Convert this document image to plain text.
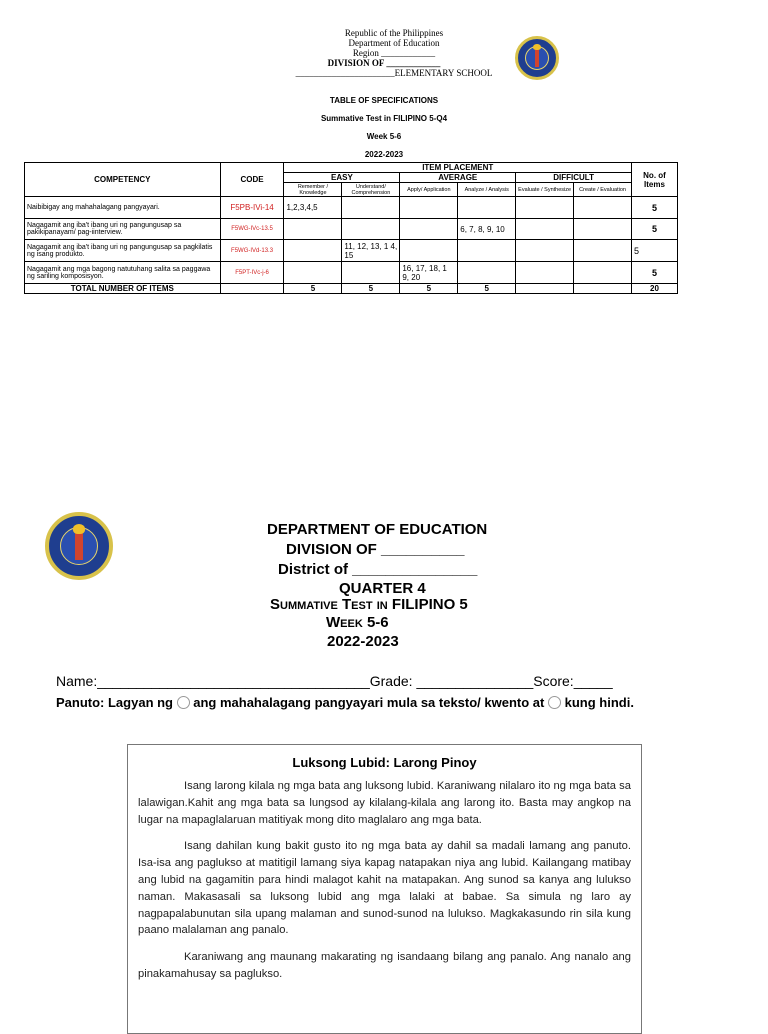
Republic of the Philippines
Department of Education
Region ____________
DIVISION OF ____________
______________________ELEMENTARY SCHOOL
TABLE OF SPECIFICATIONS
Summative Test in FILIPINO 5-Q4
Week 5-6
2022-2023
COMPETENCY	CODE	ITEM PLACEMENT						No. of Items
		EASY		AVERAGE		DIFFICULT		
		Remember / Knowledge	Understand/ Comprehension	Apply/ Application	Analyze / Analysis	Evaluate / Synthesize	Create / Evaluation	
Naibibigay ang mahahalagang pangyayari.	F5PB-IVi-14	1,2,3,4,5						5
Nagagamit ang iba't ibang uri ng pangungusap sa pakikipanayam/ pag-iinterview.	F5WG-IVc-13.5				6, 7, 8, 9, 10			5
Nagagamit ang iba't ibang uri ng pangungusap sa pagkilatis ng isang produkto.	F5WG-IVd-13.3		11, 12, 13, 1 4, 15					5
Nagagamit ang mga bagong natutuhang salita sa paggawa ng sariling komposisyon.	F5PT-IVc-j-6			16, 17, 18, 1 9, 20				5
TOTAL NUMBER OF ITEMS		5	5	5	5			20
DEPARTMENT OF EDUCATION
DIVISION OF __________
District of _______________
QUARTER 4
Summative Test in FILIPINO 5
Week 5-6
2022-2023
Name:___________________________________Grade: _______________Score:_____
Panuto: Lagyan ng ang mahahalagang pangyayari mula sa teksto/ kwento at kung hindi.
Luksong Lubid: Larong Pinoy

Isang larong kilala ng mga bata ang luksong lubid. Karaniwang nilalaro ito ng mga bata sa lalawigan.Kahit ang mga bata sa lungsod ay kilalang-kilala ang larong ito. Basta may angkop na lugar na mapaglalaruan matitiyak mong dito maglalaro ang mga bata.

Isang dahilan kung bakit gusto ito ng mga bata ay dahil sa madali lamang ang panuto. Isa-isa ang paglukso at matitigil lamang siya kapag natapakan niya ang lubid. Kailangang matibay ang lubid na gagamitin para hindi malagot kahit na matapakan. Ang sunod sa kanya ang lulukso naman. Makasasali sa luksong lubid ang mga lalaki at babae. Sa simula ng laro ay nagpapalabunutan sila upang malaman and sunod-sunod na lulukso. Magkakasundo rin sila kung paano malalaman ang panalo.

Karaniwang ang maunang makarating ng isandaang bilang ang panalo. Ang nanalo ang pinakamahusay sa paglukso.
